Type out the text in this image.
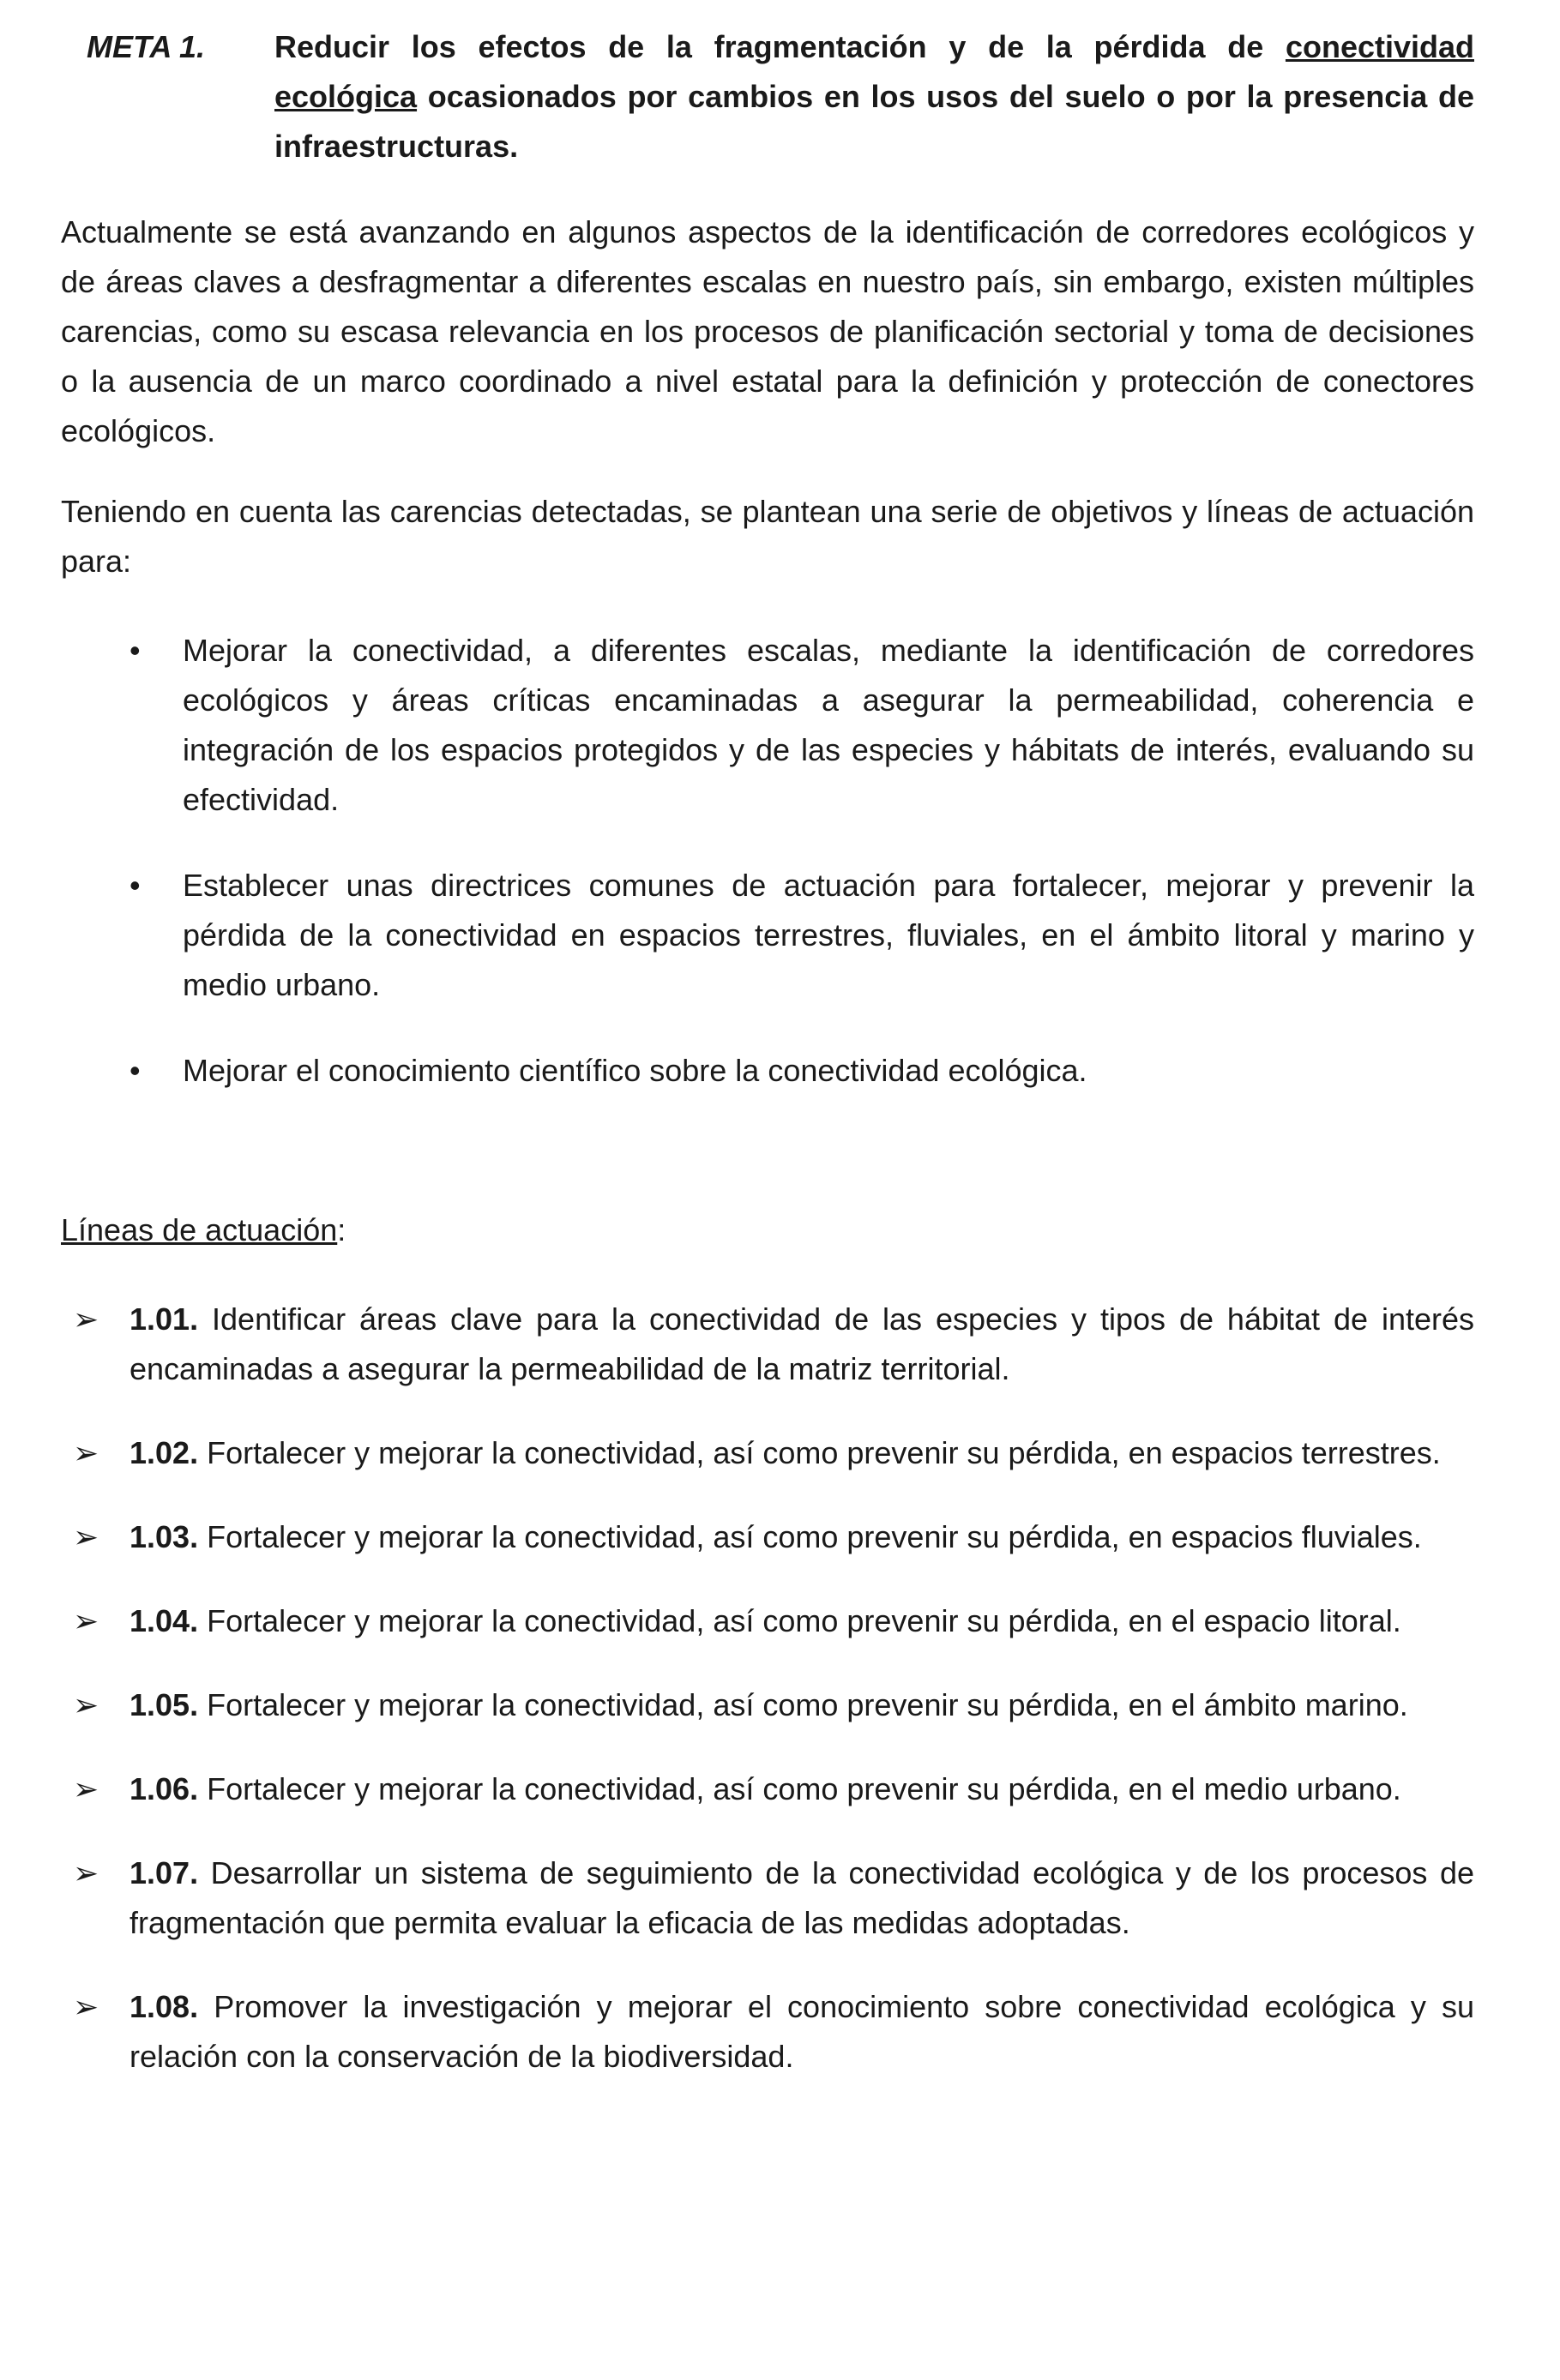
META 1.	Reducir los efectos de la fragmentación y de la pérdida de conectividad ecológica ocasionados por cambios en los usos del suelo o por la presencia de infraestructuras.
Actualmente se está avanzando en algunos aspectos de la identificación de corredores ecológicos y de áreas claves a desfragmentar a diferentes escalas en nuestro país, sin embargo, existen múltiples carencias, como su escasa relevancia en los procesos de planificación sectorial y toma de decisiones o la ausencia de un marco coordinado a nivel estatal para la definición y protección de conectores ecológicos.
Teniendo en cuenta las carencias detectadas, se plantean una serie de objetivos y líneas de actuación para:
•	Mejorar la conectividad, a diferentes escalas, mediante la identificación de corredores ecológicos y áreas críticas encaminadas a asegurar la permeabilidad, coherencia e integración de los espacios protegidos y de las especies y hábitats de interés, evaluando su efectividad.
•	Establecer unas directrices comunes de actuación para fortalecer, mejorar y prevenir la pérdida de la conectividad en espacios terrestres, fluviales, en el ámbito litoral y marino y medio urbano.
•	Mejorar el conocimiento científico sobre la conectividad ecológica.
Líneas de actuación:
➢ 1.01. Identificar áreas clave para la conectividad de las especies y tipos de hábitat de interés encaminadas a asegurar la permeabilidad de la matriz territorial.
➢ 1.02. Fortalecer y mejorar la conectividad, así como prevenir su pérdida, en espacios terrestres.
➢ 1.03. Fortalecer y mejorar la conectividad, así como prevenir su pérdida, en espacios fluviales.
➢ 1.04. Fortalecer y mejorar la conectividad, así como prevenir su pérdida, en el espacio litoral.
➢ 1.05. Fortalecer y mejorar la conectividad, así como prevenir su pérdida, en el ámbito marino.
➢ 1.06. Fortalecer y mejorar la conectividad, así como prevenir su pérdida, en el medio urbano.
➢ 1.07. Desarrollar un sistema de seguimiento de la conectividad ecológica y de los procesos de fragmentación que permita evaluar la eficacia de las medidas adoptadas.
➢ 1.08. Promover la investigación y mejorar el conocimiento sobre conectividad ecológica y su relación con la conservación de la biodiversidad.
